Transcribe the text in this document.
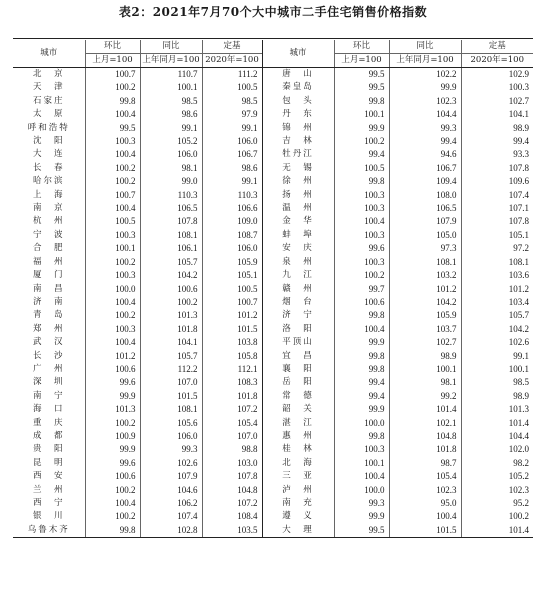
表2：2021年7月70个大中城市二手住宅销售价格指数
城市	环比	同比	定基	城市	环比	同比	定基
	上月=100	上年同月=100	2020年=100		上月=100	上年同月=100	2020年=100
北　京	100.7	110.7	111.2	唐　山	99.5	102.2	102.9
天　津	100.2	100.1	100.5	秦皇岛	99.5	99.9	100.3
石家庄	99.8	98.5	98.5	包　头	99.8	102.3	102.7
太　原	100.4	98.6	97.9	丹　东	100.1	104.4	104.1
呼和浩特	99.5	99.1	99.1	锦　州	99.9	99.3	98.9
沈　阳	100.3	105.2	106.0	吉　林	100.2	99.4	99.4
大　连	100.4	106.0	106.7	牡丹江	99.4	94.6	93.3
长　春	100.2	98.1	98.6	无　锡	100.5	106.7	107.8
哈尔滨	100.2	99.0	99.1	徐　州	99.8	109.4	109.6
上　海	100.7	110.3	110.3	扬　州	100.3	108.0	107.4
南　京	100.4	106.5	106.6	温　州	100.3	106.5	107.1
杭　州	100.5	107.8	109.0	金　华	100.4	107.9	107.8
宁　波	100.3	108.1	108.7	蚌　埠	100.3	105.0	105.1
合　肥	100.1	106.1	106.0	安　庆	99.6	97.3	97.2
福　州	100.2	105.7	105.9	泉　州	100.3	108.1	108.1
厦　门	100.3	104.2	105.1	九　江	100.2	103.2	103.6
南　昌	100.0	100.6	100.5	赣　州	99.7	101.2	101.2
济　南	100.4	100.2	100.7	烟　台	100.6	104.2	103.4
青　岛	100.2	101.3	101.2	济　宁	99.8	105.9	105.7
郑　州	100.3	101.8	101.5	洛　阳	100.4	103.7	104.2
武　汉	100.4	104.1	103.8	平顶山	99.9	102.7	102.6
长　沙	101.2	105.7	105.8	宜　昌	99.8	98.9	99.1
广　州	100.6	112.2	112.1	襄　阳	99.8	100.1	100.1
深　圳	99.6	107.0	108.3	岳　阳	99.4	98.1	98.5
南　宁	99.9	101.5	101.8	常　德	99.4	99.2	98.9
海　口	101.3	108.1	107.2	韶　关	99.9	101.4	101.3
重　庆	100.2	105.6	105.4	湛　江	100.0	102.1	101.4
成　都	100.9	106.0	107.0	惠　州	99.8	104.8	104.4
贵　阳	99.9	99.3	98.8	桂　林	100.3	101.8	102.0
昆　明	99.6	102.6	103.0	北　海	100.1	98.7	98.2
西　安	100.6	107.9	107.8	三　亚	100.4	105.4	105.2
兰　州	100.2	104.6	104.8	泸　州	100.0	102.3	102.3
西　宁	100.4	106.2	107.2	南　充	99.3	95.0	95.2
银　川	100.2	107.4	108.4	遵　义	99.9	100.4	100.2
乌鲁木齐	99.8	102.8	103.5	大　理	99.5	101.5	101.4
